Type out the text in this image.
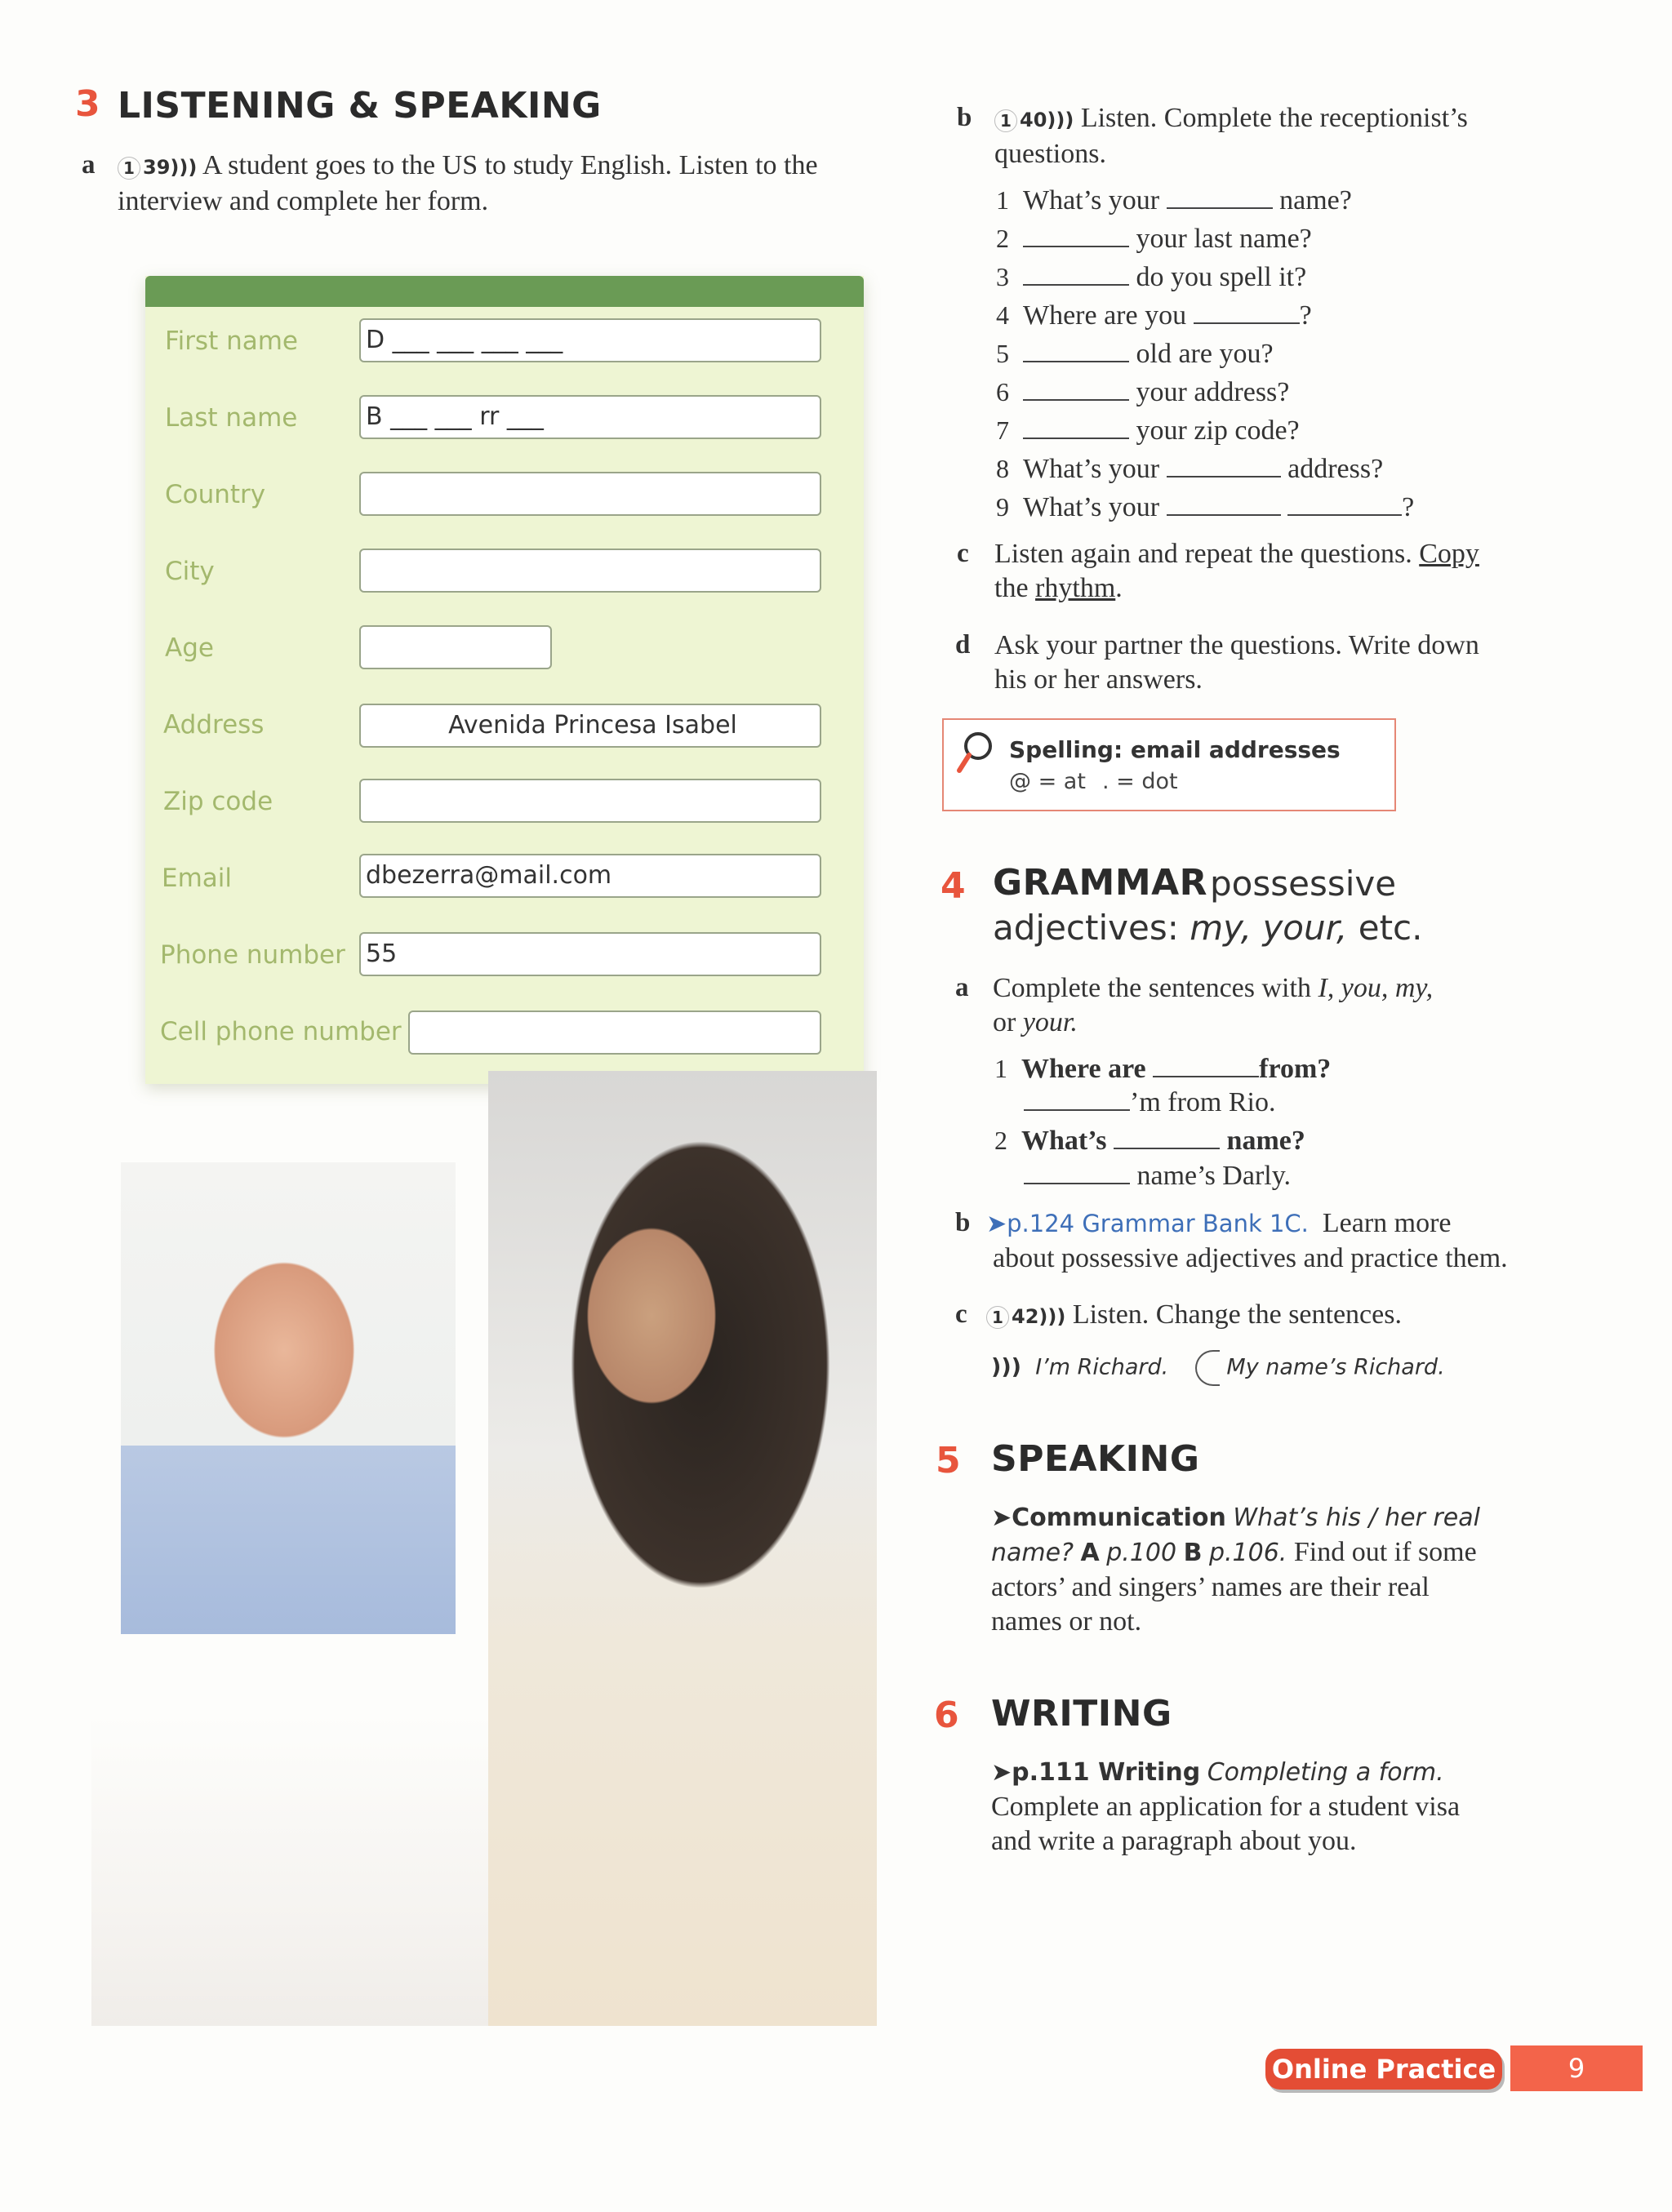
3 LISTENING & SPEAKING
a	1 39))) A student goes to the US to study English. Listen to the
interview and complete her form.
First name	D ___ ___ ___ ___
Last name	B ___ ___ rr ___
Country
City
Age
Address	Avenida Princesa Isabel
Zip code
Email	dbezerra@mail.com
Phone number 55
Cell phone number
b	1 40))) Listen. Complete the receptionist’s
questions.
1 What’s your	name?
2	your last name?
3	do you spell it?
4 Where are you	?
5	old are you?
6	your address?
7	your zip code?
8 What’s your	address?
9 What’s your	?
c Listen again and repeat the questions. Copy
the rhythm.
d Ask your partner the questions. Write down
his or her answers.
Spelling: email addresses
@ = at . = dot
4 GRAMMAR possessive
adjectives: my, your, etc.
a Complete the sentences with I, you, my,
or your.
1 Where are	from?
’m from Rio.
2 What’s	name?
name’s Darly.
b ➤p.124 Grammar Bank 1C. Learn more
about possessive adjectives and practice them.
c	1 42))) Listen. Change the sentences.
))) I’m Richard.	My name’s Richard.
5 SPEAKING
➤Communication What’s his / her real
name? A p.100 B p.106. Find out if some
actors’ and singers’ names are their real
names or not.
6 WRITING
➤p.111 Writing Completing a form.
Complete an application for a student visa
and write a paragraph about you.
Online Practice	9
